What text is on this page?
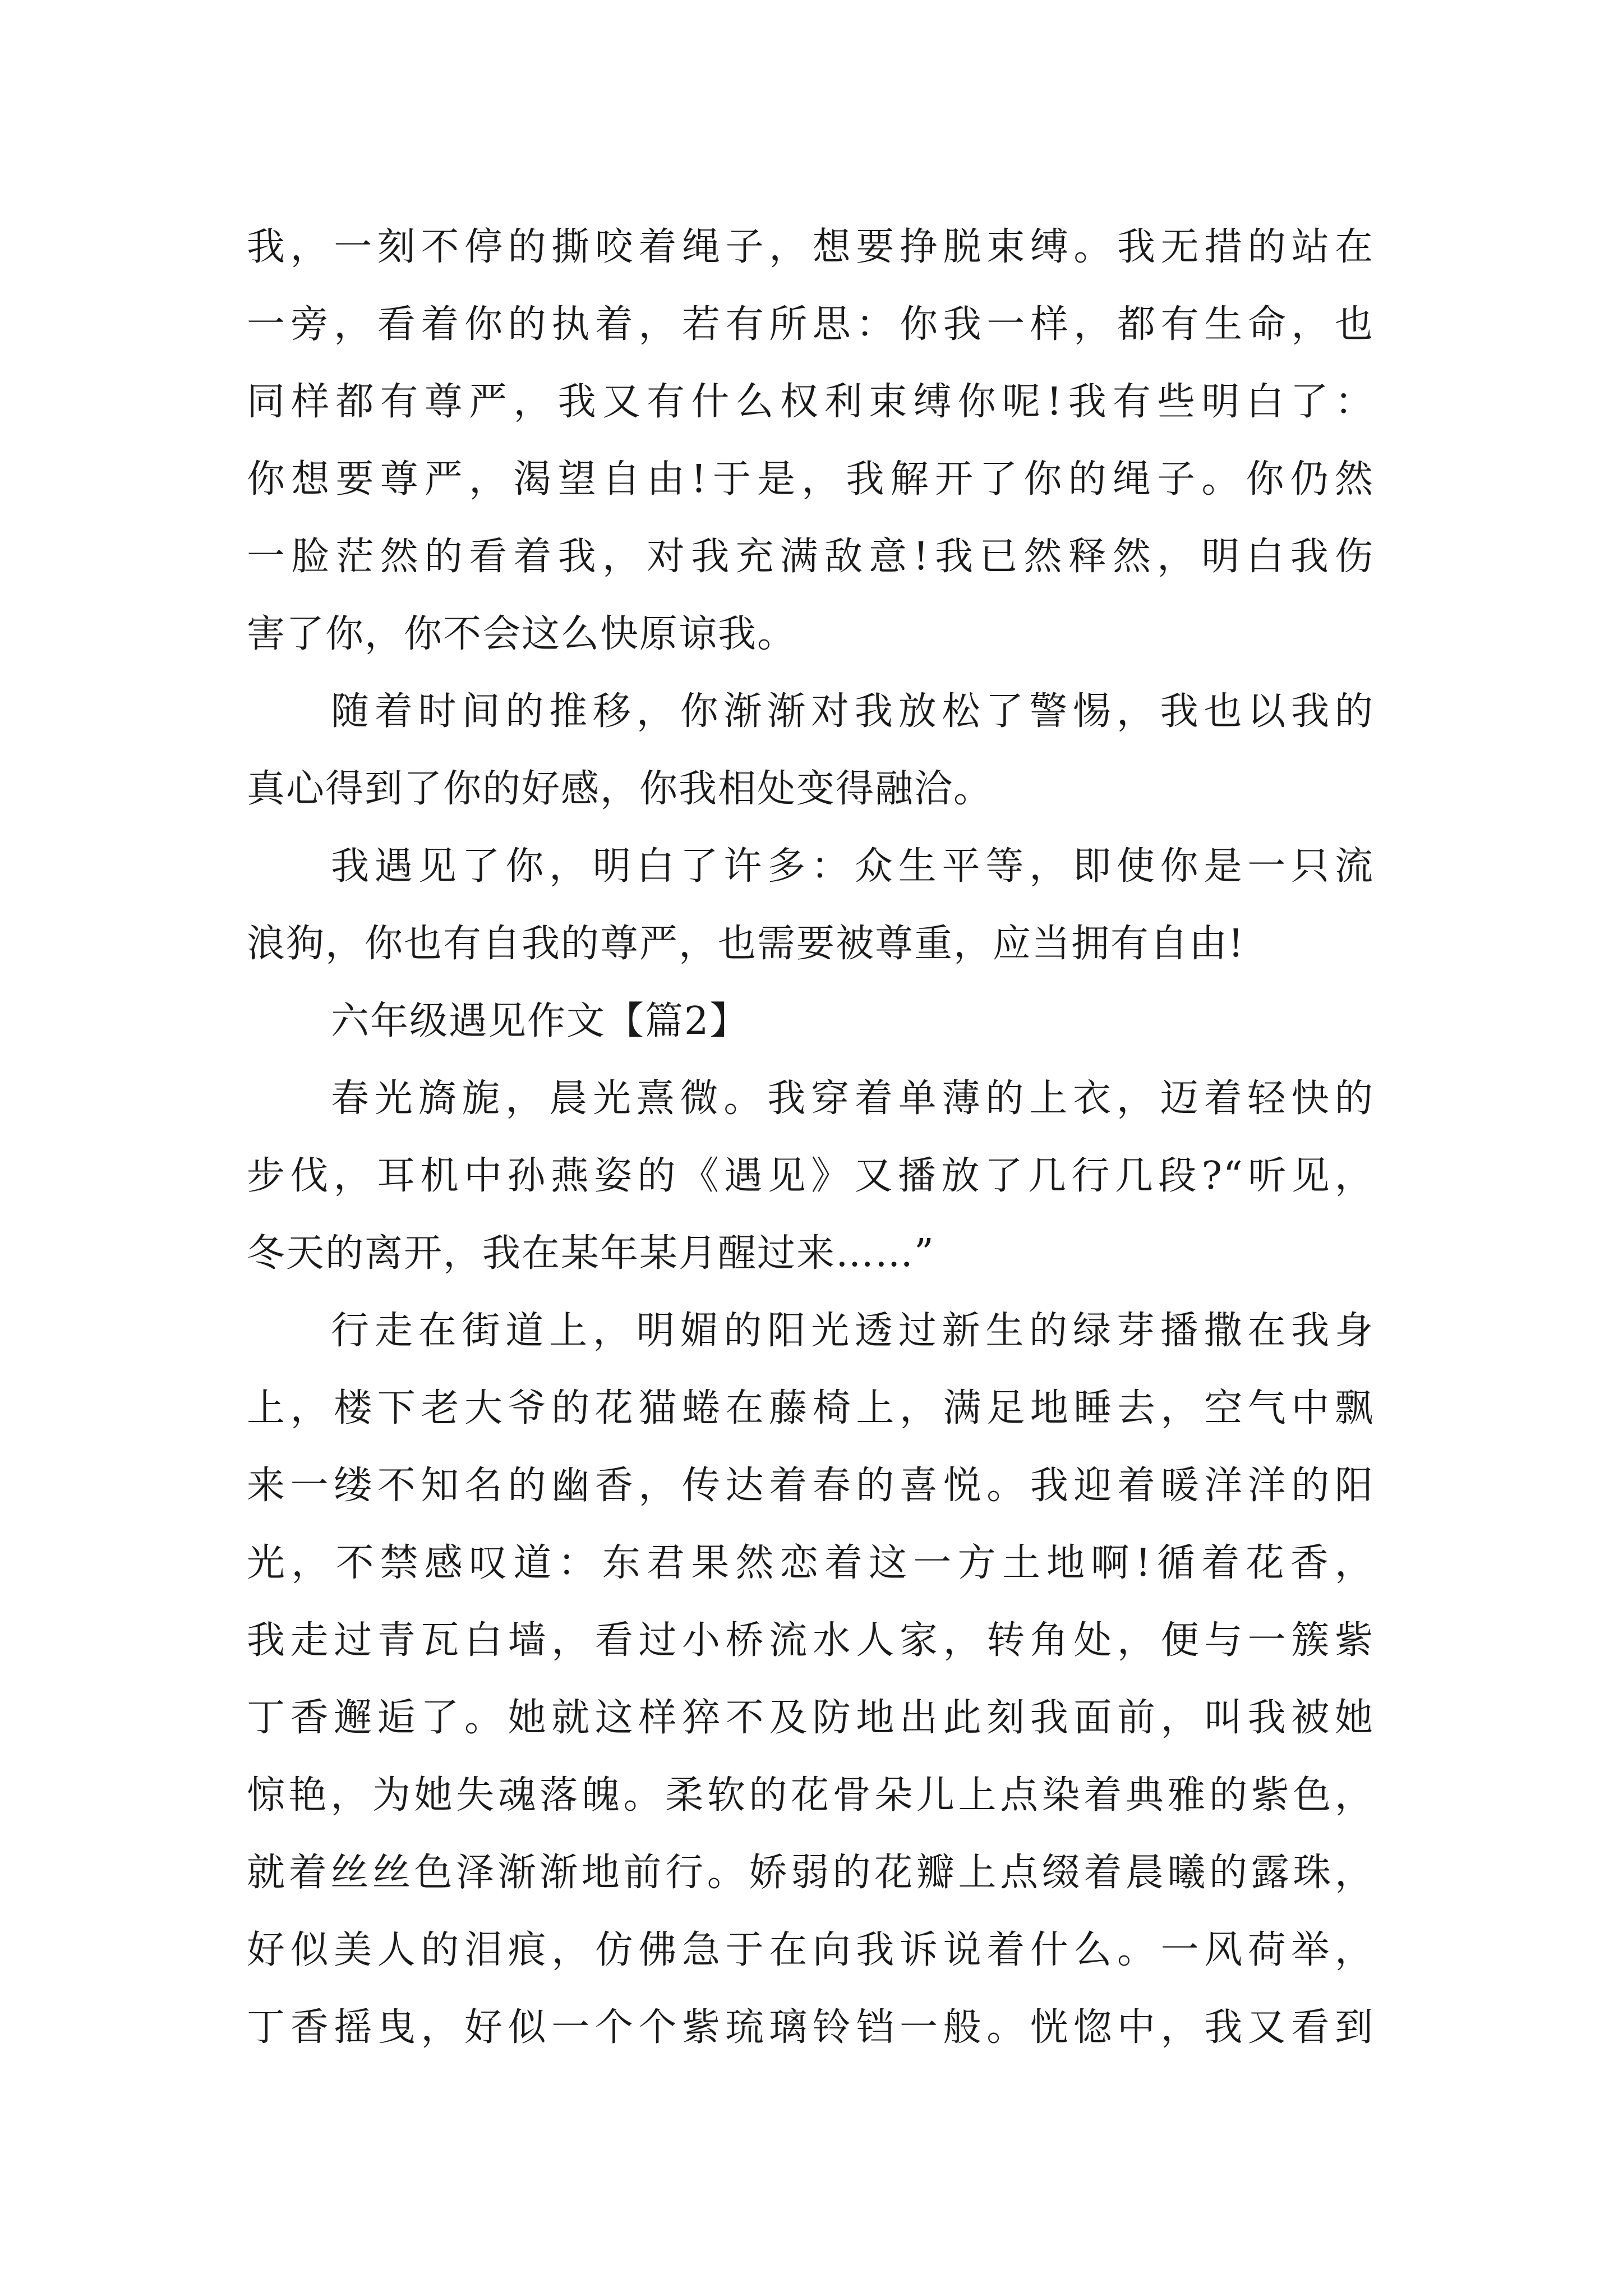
我，一刻不停的撕咬着绳子，想要挣脱束缚。我无措的站在
一旁，看着你的执着，若有所思：你我一样，都有生命，也
同样都有尊严，我又有什么权利束缚你呢!我有些明白了：
你想要尊严，渴望自由!于是，我解开了你的绳子。你仍然
一脸茫然的看着我，对我充满敌意!我已然释然，明白我伤
害了你，你不会这么快原谅我。
随着时间的推移，你渐渐对我放松了警惕，我也以我的
真心得到了你的好感，你我相处变得融洽。
我遇见了你，明白了许多：众生平等，即使你是一只流
浪狗，你也有自我的尊严，也需要被尊重，应当拥有自由!
六年级遇见作文【篇2】
春光旖旎，晨光熹微。我穿着单薄的上衣，迈着轻快的
步伐，耳机中孙燕姿的《遇见》又播放了几行几段?“听见，
冬天的离开，我在某年某月醒过来……”
行走在街道上，明媚的阳光透过新生的绿芽播撒在我身
上，楼下老大爷的花猫蜷在藤椅上，满足地睡去，空气中飘
来一缕不知名的幽香，传达着春的喜悦。我迎着暖洋洋的阳
光，不禁感叹道：东君果然恋着这一方土地啊!循着花香，
我走过青瓦白墙，看过小桥流水人家，转角处，便与一簇紫
丁香邂逅了。她就这样猝不及防地出此刻我面前，叫我被她
惊艳，为她失魂落魄。柔软的花骨朵儿上点染着典雅的紫色，
就着丝丝色泽渐渐地前行。娇弱的花瓣上点缀着晨曦的露珠，
好似美人的泪痕，仿佛急于在向我诉说着什么。一风荷举，
丁香摇曳，好似一个个紫琉璃铃铛一般。恍惚中，我又看到
